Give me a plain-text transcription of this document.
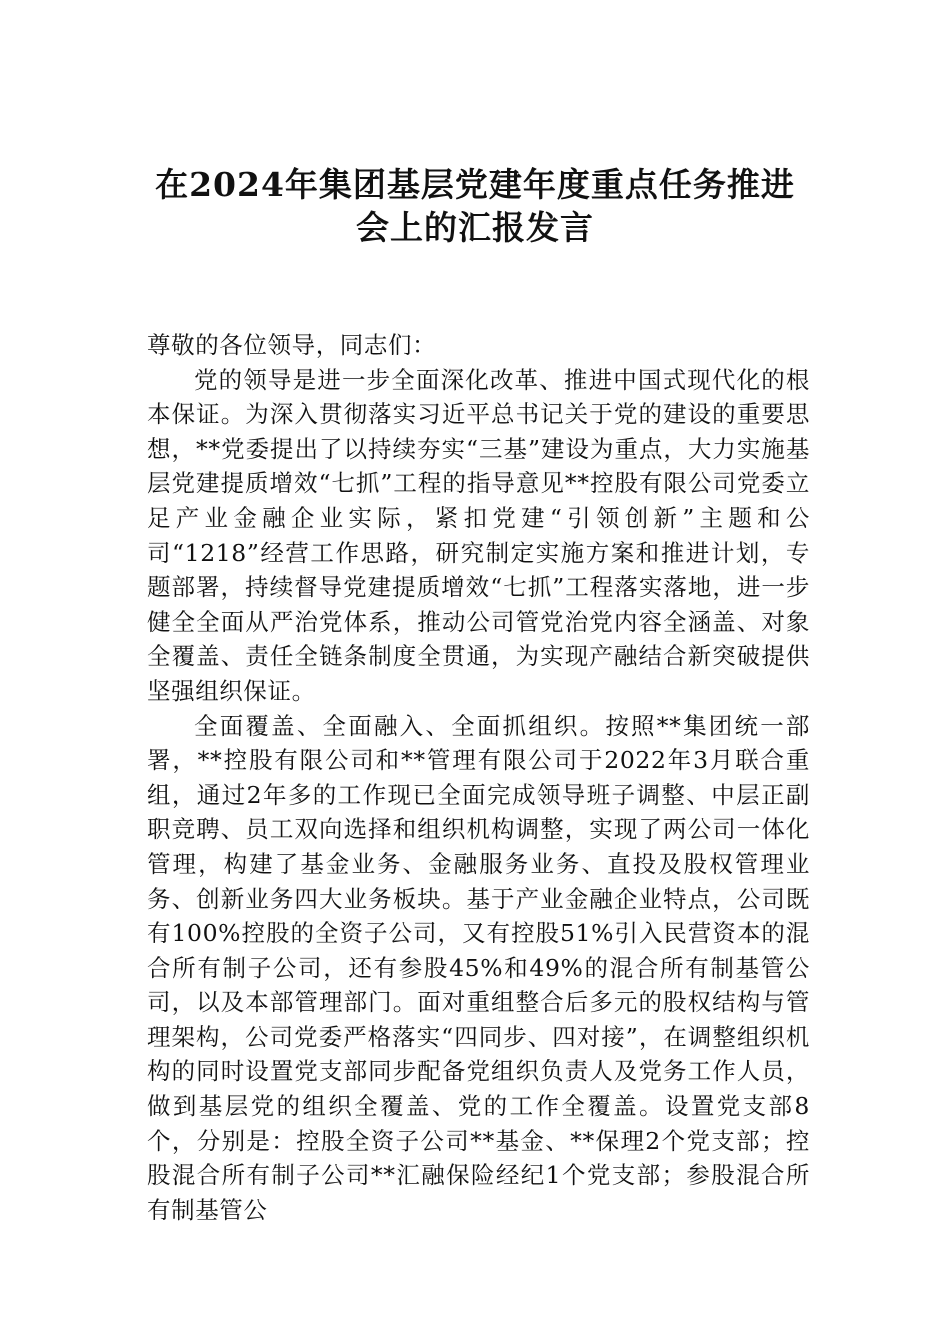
在2024年集团基层党建年度重点任务推进
会上的汇报发言

尊敬的各位领导，同志们：

党的领导是进一步全面深化改革、推进中国式现代化的根本保证。为深入贯彻落实习近平总书记关于党的建设的重要思想，**党委提出了以持续夯实“三基”建设为重点，大力实施基层党建提质增效“七抓”工程的指导意见**控股有限公司党委立足产业金融企业实际，紧扣党建“引领创新”主题和公司“1218”经营工作思路，研究制定实施方案和推进计划，专题部署，持续督导党建提质增效“七抓”工程落实落地，进一步健全全面从严治党体系，推动公司管党治党内容全涵盖、对象全覆盖、责任全链条制度全贯通，为实现产融结合新突破提供坚强组织保证。

全面覆盖、全面融入、全面抓组织。按照**集团统一部署，**控股有限公司和**管理有限公司于2022年3月联合重组，通过2年多的工作现已全面完成领导班子调整、中层正副职竞聘、员工双向选择和组织机构调整，实现了两公司一体化管理，构建了基金业务、金融服务业务、直投及股权管理业务、创新业务四大业务板块。基于产业金融企业特点，公司既有100%控股的全资子公司，又有控股51%引入民营资本的混合所有制子公司，还有参股45%和49%的混合所有制基管公司，以及本部管理部门。面对重组整合后多元的股权结构与管理架构，公司党委严格落实“四同步、四对接”，在调整组织机构的同时设置党支部同步配备党组织负责人及党务工作人员，做到基层党的组织全覆盖、党的工作全覆盖。设置党支部8个，分别是：控股全资子公司**基金、**保理2个党支部；控股混合所有制子公司**汇融保险经纪1个党支部；参股混合所有制基管公
